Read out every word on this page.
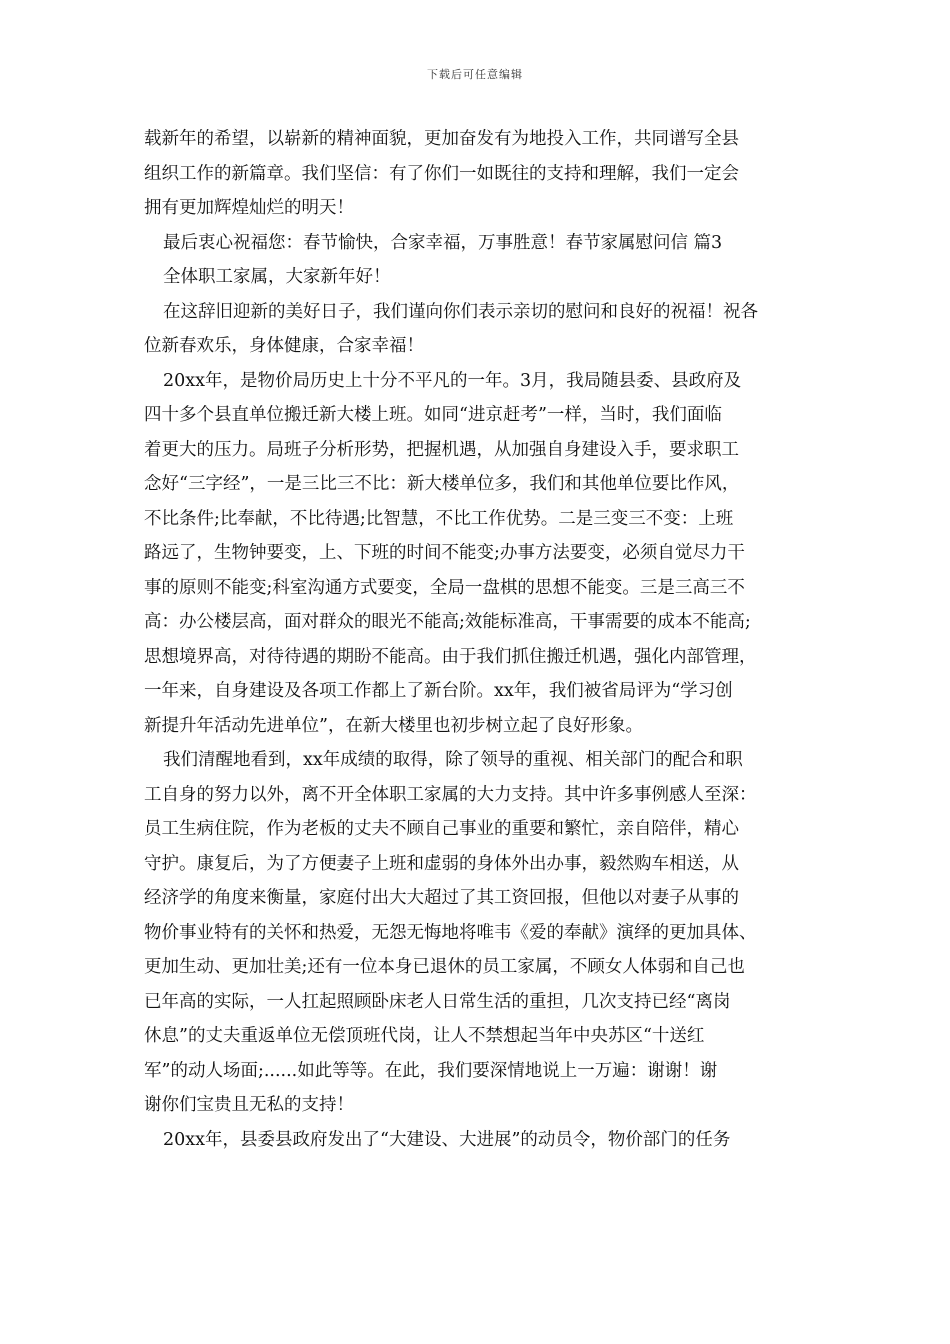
下载后可任意编辑
载新年的希望，以崭新的精神面貌，更加奋发有为地投入工作，共同谱写全县
组织工作的新篇章。我们坚信：有了你们一如既往的支持和理解，我们一定会
拥有更加辉煌灿烂的明天！
最后衷心祝福您：春节愉快，合家幸福，万事胜意！春节家属慰问信 篇3
全体职工家属，大家新年好！
在这辞旧迎新的美好日子，我们谨向你们表示亲切的慰问和良好的祝福！祝各
位新春欢乐，身体健康，合家幸福！
20xx年，是物价局历史上十分不平凡的一年。3月，我局随县委、县政府及
四十多个县直单位搬迁新大楼上班。如同“进京赶考”一样，当时，我们面临
着更大的压力。局班子分析形势，把握机遇，从加强自身建设入手，要求职工
念好“三字经”，一是三比三不比：新大楼单位多，我们和其他单位要比作风，
不比条件;比奉献，不比待遇;比智慧，不比工作优势。二是三变三不变：上班
路远了，生物钟要变，上、下班的时间不能变;办事方法要变，必须自觉尽力干
事的原则不能变;科室沟通方式要变，全局一盘棋的思想不能变。三是三高三不
高：办公楼层高，面对群众的眼光不能高;效能标准高，干事需要的成本不能高;
思想境界高，对待待遇的期盼不能高。由于我们抓住搬迁机遇，强化内部管理，
一年来，自身建设及各项工作都上了新台阶。xx年，我们被省局评为“学习创
新提升年活动先进单位”，在新大楼里也初步树立起了良好形象。
我们清醒地看到，xx年成绩的取得，除了领导的重视、相关部门的配合和职
工自身的努力以外，离不开全体职工家属的大力支持。其中许多事例感人至深：
员工生病住院，作为老板的丈夫不顾自己事业的重要和繁忙，亲自陪伴，精心
守护。康复后，为了方便妻子上班和虚弱的身体外出办事，毅然购车相送，从
经济学的角度来衡量，家庭付出大大超过了其工资回报，但他以对妻子从事的
物价事业特有的关怀和热爱，无怨无悔地将唯韦《爱的奉献》演绎的更加具体、
更加生动、更加壮美;还有一位本身已退休的员工家属，不顾女人体弱和自己也
已年高的实际，一人扛起照顾卧床老人日常生活的重担，几次支持已经“离岗
休息”的丈夫重返单位无偿顶班代岗，让人不禁想起当年中央苏区“十送红
军”的动人场面;......如此等等。在此，我们要深情地说上一万遍：谢谢！谢
谢你们宝贵且无私的支持！
20xx年，县委县政府发出了“大建设、大进展”的动员令，物价部门的任务
